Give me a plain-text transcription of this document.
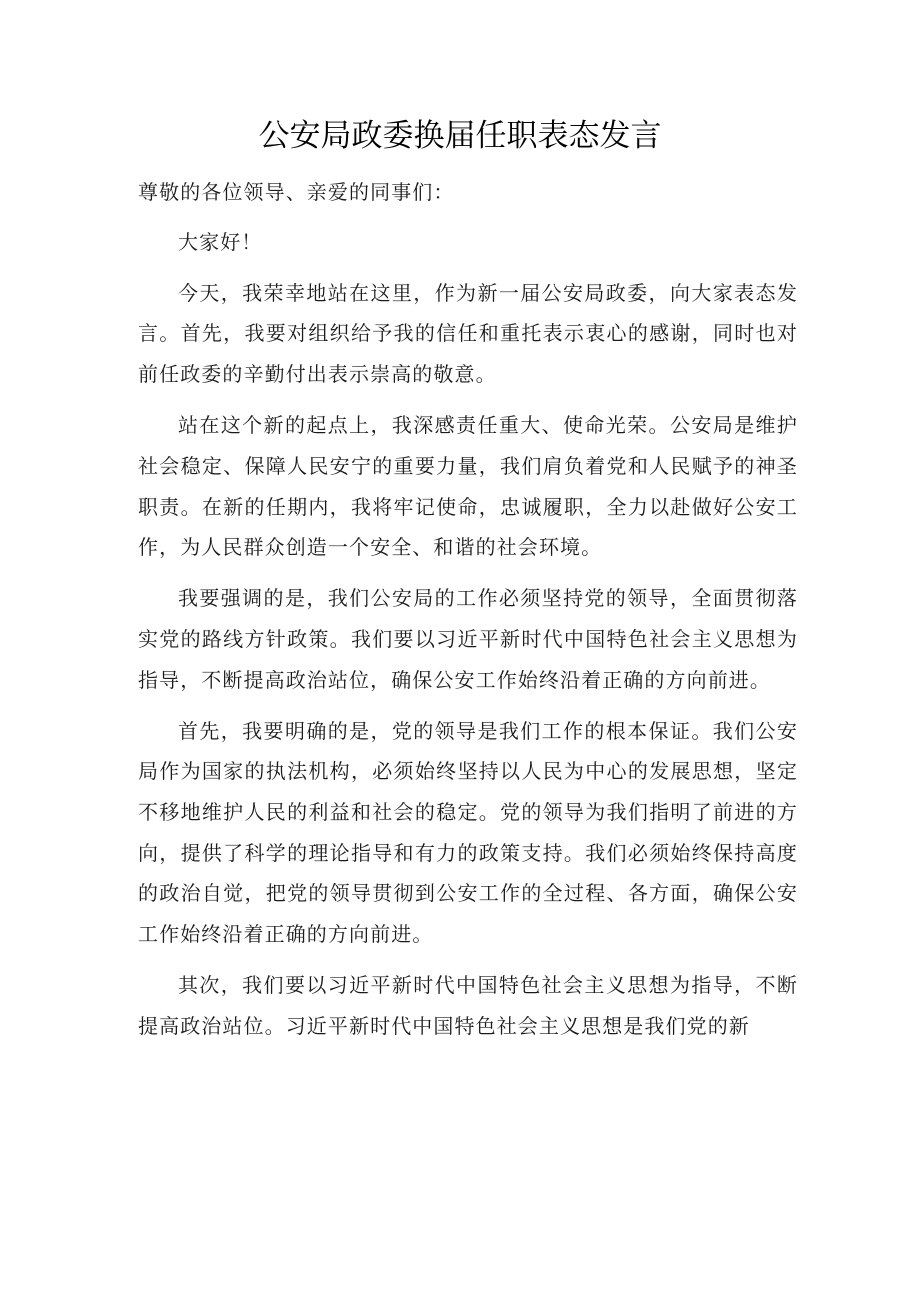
公安局政委换届任职表态发言

尊敬的各位领导、亲爱的同事们：

大家好！

今天，我荣幸地站在这里，作为新一届公安局政委，向大家表态发言。首先，我要对组织给予我的信任和重托表示衷心的感谢，同时也对前任政委的辛勤付出表示崇高的敬意。

站在这个新的起点上，我深感责任重大、使命光荣。公安局是维护社会稳定、保障人民安宁的重要力量，我们肩负着党和人民赋予的神圣职责。在新的任期内，我将牢记使命，忠诚履职，全力以赴做好公安工作，为人民群众创造一个安全、和谐的社会环境。

我要强调的是，我们公安局的工作必须坚持党的领导，全面贯彻落实党的路线方针政策。我们要以习近平新时代中国特色社会主义思想为指导，不断提高政治站位，确保公安工作始终沿着正确的方向前进。

首先，我要明确的是，党的领导是我们工作的根本保证。我们公安局作为国家的执法机构，必须始终坚持以人民为中心的发展思想，坚定不移地维护人民的利益和社会的稳定。党的领导为我们指明了前进的方向，提供了科学的理论指导和有力的政策支持。我们必须始终保持高度的政治自觉，把党的领导贯彻到公安工作的全过程、各方面，确保公安工作始终沿着正确的方向前进。

其次，我们要以习近平新时代中国特色社会主义思想为指导，不断提高政治站位。习近平新时代中国特色社会主义思想是我们党的新
